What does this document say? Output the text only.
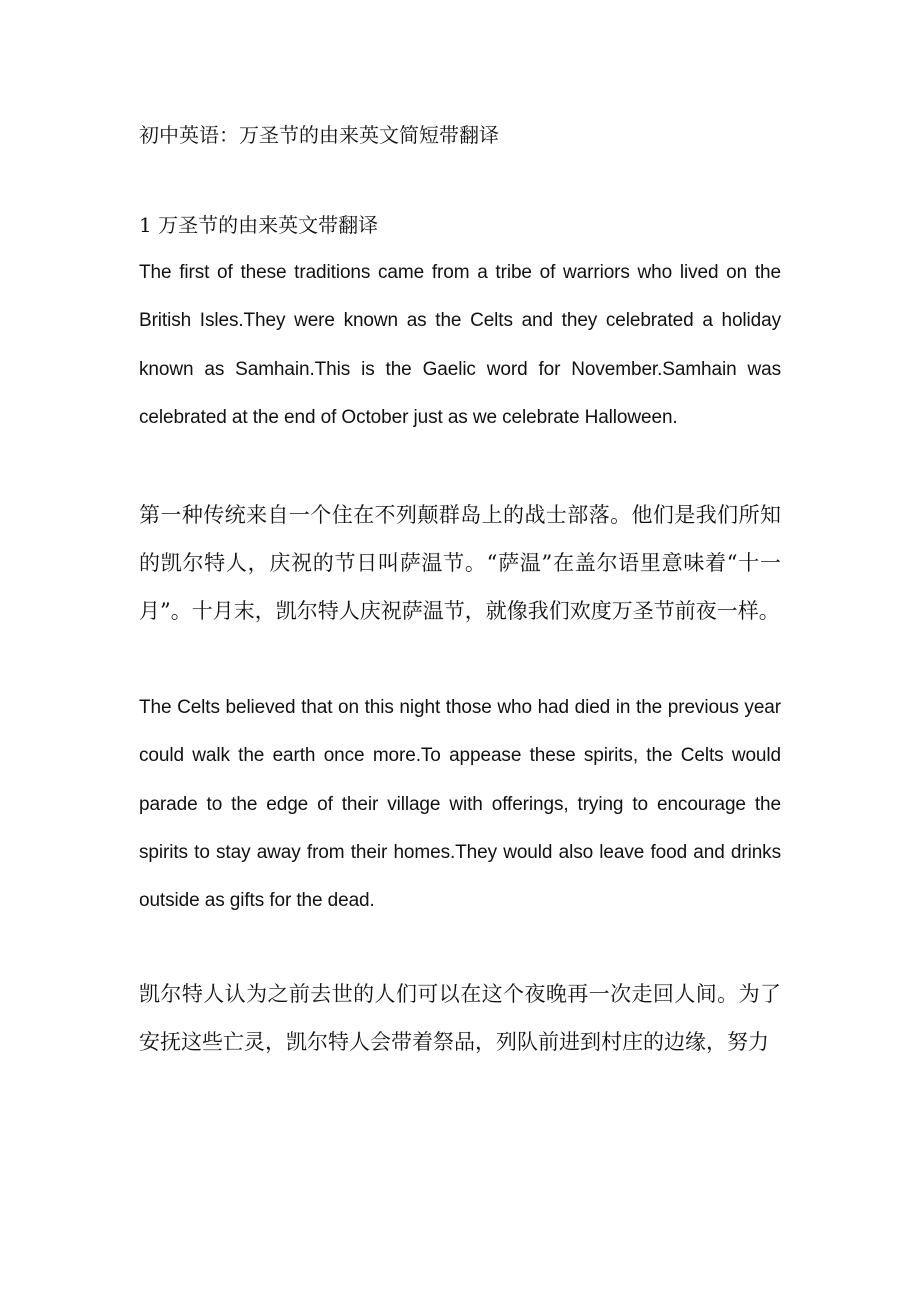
初中英语：万圣节的由来英文简短带翻译
1 万圣节的由来英文带翻译

The first of these traditions came from a tribe of warriors who lived on the British Isles.They were known as the Celts and they celebrated a holiday known as Samhain.This is the Gaelic word for November.Samhain was celebrated at the end of October just as we celebrate Halloween.

第一种传统来自一个住在不列颠群岛上的战士部落。他们是我们所知的凯尔特人，庆祝的节日叫萨温节。“萨温”在盖尔语里意味着“十一月”。十月末，凯尔特人庆祝萨温节，就像我们欢度万圣节前夜一样。

The Celts believed that on this night those who had died in the previous year could walk the earth once more.To appease these spirits, the Celts would parade to the edge of their village with offerings, trying to encourage the spirits to stay away from their homes.They would also leave food and drinks outside as gifts for the dead.

凯尔特人认为之前去世的人们可以在这个夜晚再一次走回人间。为了安抚这些亡灵，凯尔特人会带着祭品，列队前进到村庄的边缘，努力
